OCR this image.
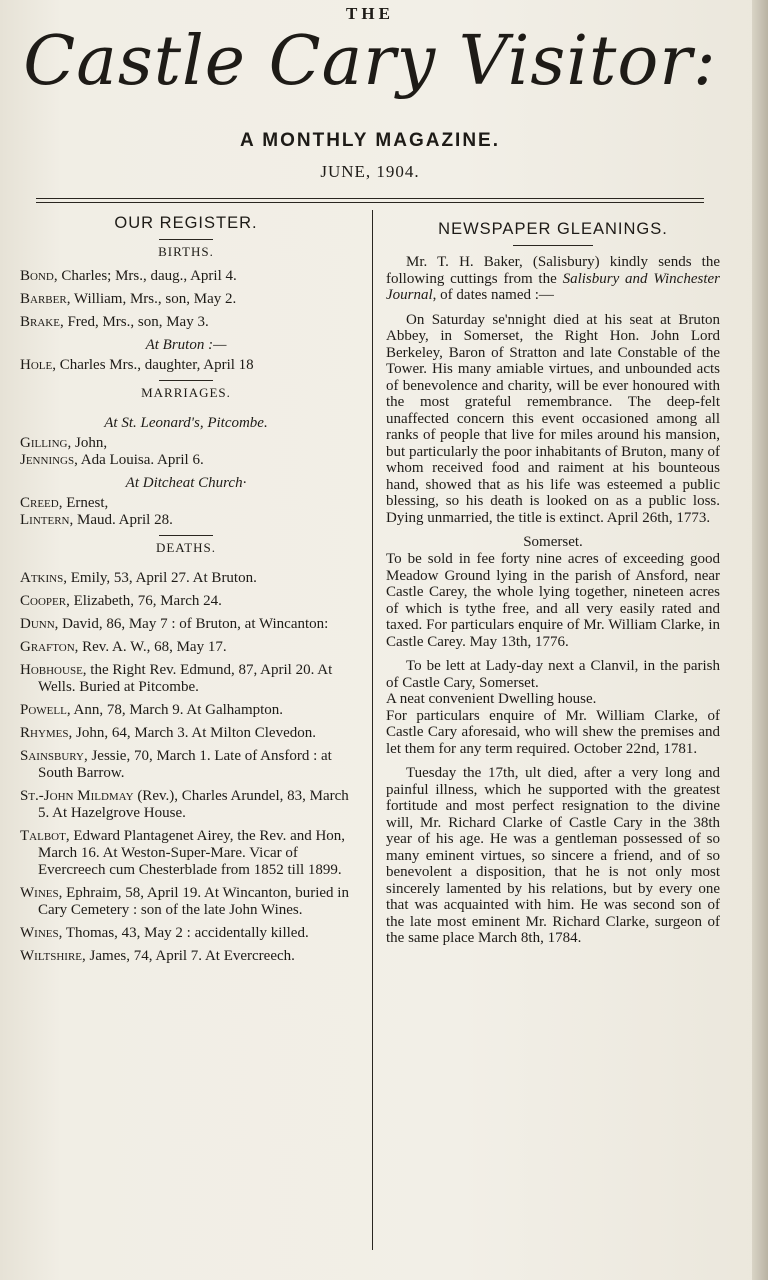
THE
Castle Cary Visitor:
A MONTHLY MAGAZINE.
JUNE, 1904.
OUR REGISTER.
BIRTHS.
Bond, Charles; Mrs., daug., April 4.
Barber, William, Mrs., son, May 2.
Brake, Fred, Mrs., son, May 3.
At Bruton :—
Hole, Charles Mrs., daughter, April 18
MARRIAGES.
At St. Leonard's, Pitcombe.
Gilling, John,
Jennings, Ada Louisa. April 6.
At Ditcheat Church·
Creed, Ernest,
Lintern, Maud. April 28.
DEATHS.
Atkins, Emily, 53, April 27. At Bruton.
Cooper, Elizabeth, 76, March 24.
Dunn, David, 86, May 7 : of Bruton, at Wincanton:
Grafton, Rev. A. W., 68, May 17.
Hobhouse, the Right Rev. Edmund, 87, April 20. At Wells. Buried at Pitcombe.
Powell, Ann, 78, March 9. At Galhampton.
Rhymes, John, 64, March 3. At Milton Clevedon.
Sainsbury, Jessie, 70, March 1. Late of Ansford : at South Barrow.
St.-John Mildmay (Rev.), Charles Arundel, 83, March 5. At Hazelgrove House.
Talbot, Edward Plantagenet Airey, the Rev. and Hon, March 16. At Weston-Super-Mare. Vicar of Evercreech cum Chesterblade from 1852 till 1899.
Wines, Ephraim, 58, April 19. At Wincanton, buried in Cary Cemetery : son of the late John Wines.
Wines, Thomas, 43, May 2 : accidentally killed.
Wiltshire, James, 74, April 7. At Evercreech.
NEWSPAPER GLEANINGS.

Mr. T. H. Baker, (Salisbury) kindly sends the following cuttings from the Salisbury and Winchester Journal, of dates named :—

On Saturday se'nnight died at his seat at Bruton Abbey, in Somerset, the Right Hon. John Lord Berkeley, Baron of Stratton and late Constable of the Tower. His many amiable virtues, and unbounded acts of benevolence and charity, will be ever honoured with the most grateful remembrance. The deep-felt unaffected concern this event occasioned among all ranks of people that live for miles around his mansion, but particularly the poor inhabitants of Bruton, many of whom received food and raiment at his bounteous hand, showed that as his life was esteemed a public blessing, so his death is looked on as a public loss. Dying unmarried, the title is extinct. April 26th, 1773.

Somerset.

To be sold in fee forty nine acres of exceeding good Meadow Ground lying in the parish of Ansford, near Castle Carey, the whole lying together, nineteen acres of which is tythe free, and all very easily rated and taxed. For particulars enquire of Mr. William Clarke, in Castle Carey. May 13th, 1776.

To be lett at Lady-day next a Clanvil, in the parish of Castle Cary, Somerset.

A neat convenient Dwelling house.

For particulars enquire of Mr. William Clarke, of Castle Cary aforesaid, who will shew the premises and let them for any term required. October 22nd, 1781.

Tuesday the 17th, ult died, after a very long and painful illness, which he supported with the greatest fortitude and most perfect resignation to the divine will, Mr. Richard Clarke of Castle Cary in the 38th year of his age. He was a gentleman possessed of so many eminent virtues, so sincere a friend, and of so benevolent a disposition, that he is not only most sincerely lamented by his relations, but by every one that was acquainted with him. He was second son of the late most eminent Mr. Richard Clarke, surgeon of the same place March 8th, 1784.
